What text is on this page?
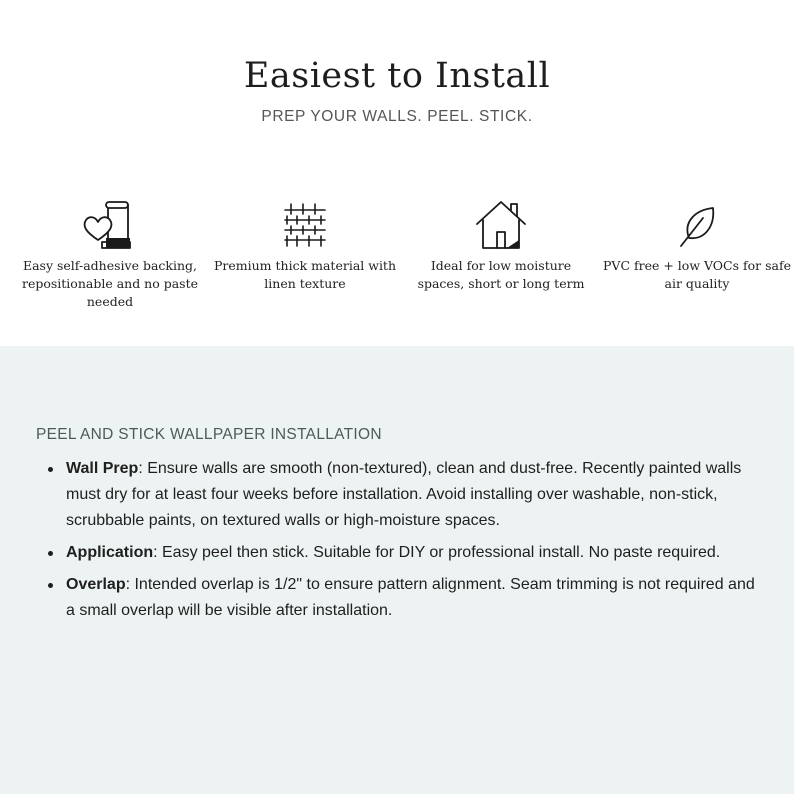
Easiest to Install
PREP YOUR WALLS. PEEL. STICK.
Easy self-adhesive backing, repositionable and no paste needed
Premium thick material with linen texture
Ideal for low moisture spaces, short or long term
PVC free + low VOCs for safe air quality
PEEL AND STICK WALLPAPER INSTALLATION
Wall Prep: Ensure walls are smooth (non-textured), clean and dust-free. Recently painted walls must dry for at least four weeks before installation. Avoid installing over washable, non-stick, scrubbable paints, on textured walls or high-moisture spaces.
Application: Easy peel then stick. Suitable for DIY or professional install. No paste required.
Overlap: Intended overlap is 1/2" to ensure pattern alignment. Seam trimming is not required and a small overlap will be visible after installation.
